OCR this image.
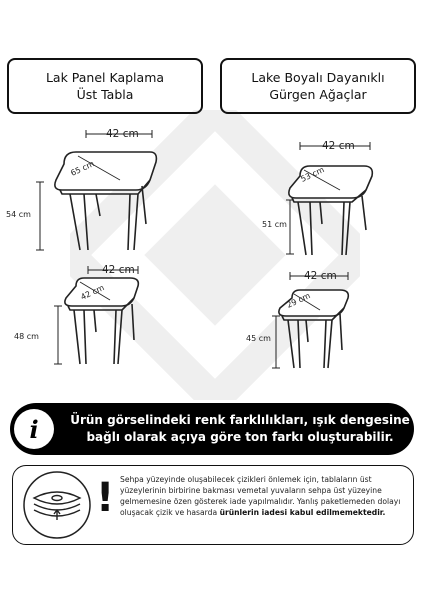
Lak Panel Kaplama
Üst Tabla
Lake Boyalı Dayanıklı
Gürgen Ağaçlar
42 cm
65 cm
54 cm
42 cm
53 cm
51 cm
42 cm
42 cm
48 cm
42 cm
29 cm
45 cm
Ürün görselindeki renk farklılıkları, ışık dengesine
bağlı olarak açıya göre ton farkı oluşturabilir.
i
! Sehpa yüzeyinde oluşabilecek çizikleri önlemek için, tablaların üst yüzeylerinin birbirine bakması vemetal yuvaların sehpa üst yüzeyine gelmemesine özen gösterek iade yapılmalıdır. Yanlış paketlemeden dolayı oluşacak çizik ve hasarda ürünlerin iadesi kabul edilmemektedir.
